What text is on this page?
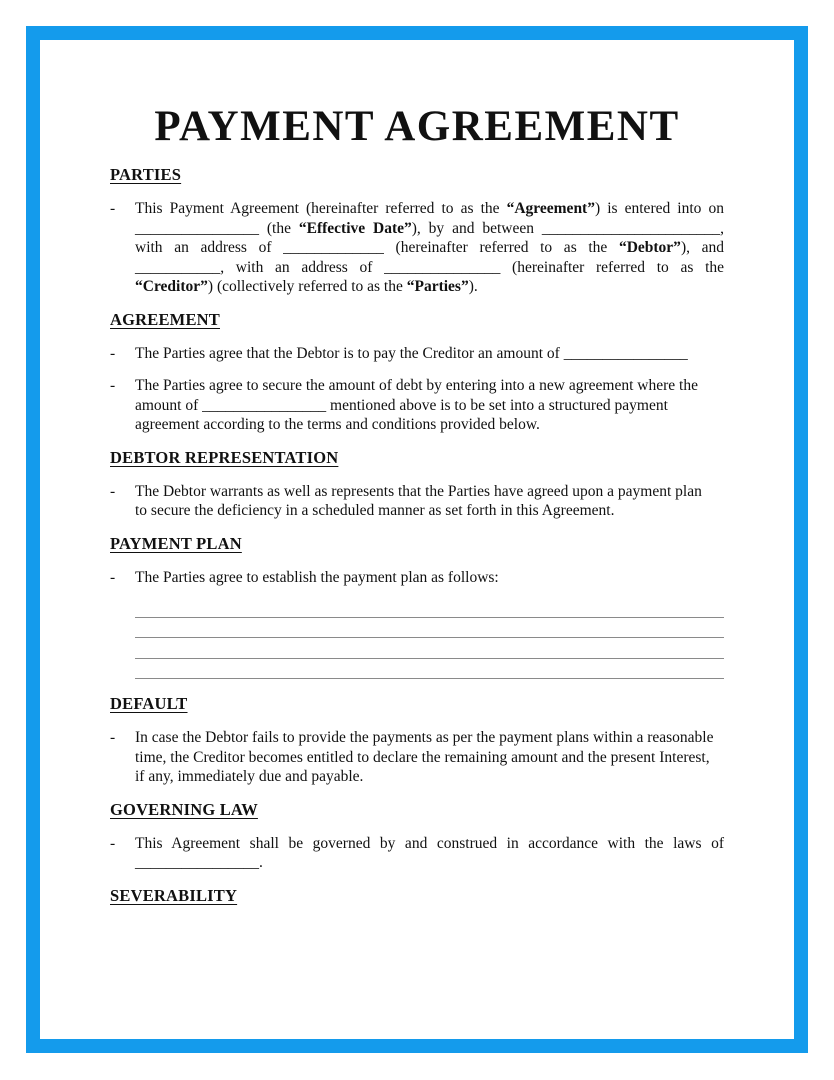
PAYMENT AGREEMENT
PARTIES
-	This Payment Agreement (hereinafter referred to as the “Agreement”) is entered into on
________________ (the “Effective Date”), by and between _______________________,
with an address of _____________ (hereinafter referred to as the “Debtor”), and
___________, with an address of _______________ (hereinafter referred to as the
“Creditor”) (collectively referred to as the “Parties”).
AGREEMENT
-	The Parties agree that the Debtor is to pay the Creditor an amount of ________________
-	The Parties agree to secure the amount of debt by entering into a new agreement where the
amount of ________________ mentioned above is to be set into a structured payment
agreement according to the terms and conditions provided below.
DEBTOR REPRESENTATION
-	The Debtor warrants as well as represents that the Parties have agreed upon a payment plan
to secure the deficiency in a scheduled manner as set forth in this Agreement.
PAYMENT PLAN
-	The Parties agree to establish the payment plan as follows:
DEFAULT
-	In case the Debtor fails to provide the payments as per the payment plans within a reasonable
time, the Creditor becomes entitled to declare the remaining amount and the present Interest,
if any, immediately due and payable.
GOVERNING LAW
-	This Agreement shall be governed by and construed in accordance with the laws of
________________.
SEVERABILITY
